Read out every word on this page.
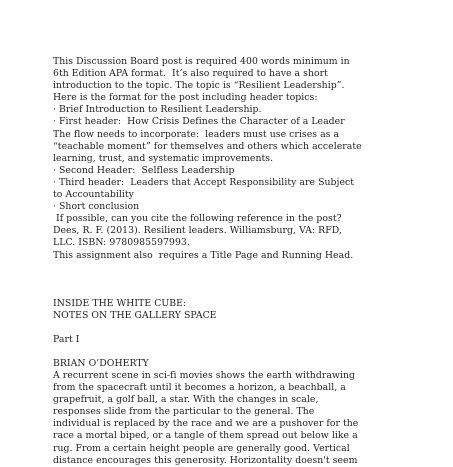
This Discussion Board post is required 400 words minimum in
6th Edition APA format.  It’s also required to have a short
introduction to the topic. The topic is “Resilient Leadership”.
Here is the format for the post including header topics:
· Brief Introduction to Resilient Leadership.
· First header:  How Crisis Defines the Character of a Leader
The flow needs to incorporate:  leaders must use crises as a
“teachable moment” for themselves and others which accelerate
learning, trust, and systematic improvements.
· Second Header:  Selfless Leadership
· Third header:  Leaders that Accept Responsibility are Subject
to Accountability
· Short conclusion
If possible, can you cite the following reference in the post?
Dees, R. F. (2013). Resilient leaders. Williamsburg, VA: RFD,
LLC. ISBN: 9780985597993.
This assignment also  requires a Title Page and Running Head.
INSIDE THE WHITE CUBE:
NOTES ON THE GALLERY SPACE
Part I
BRIAN O’DOHERTY
A recurrent scene in sci-fi movies shows the earth withdrawing
from the spacecraft until it becomes a horizon, a beachball, a
grapefruit, a golf ball, a star. With the changes in scale,
responses slide from the particular to the general. The
individual is replaced by the race and we are a pushover for the
race a mortal biped, or a tangle of them spread out below like a
rug. From a certain height people are generally good. Vertical
distance encourages this generosity. Horizontality doesn't seem
